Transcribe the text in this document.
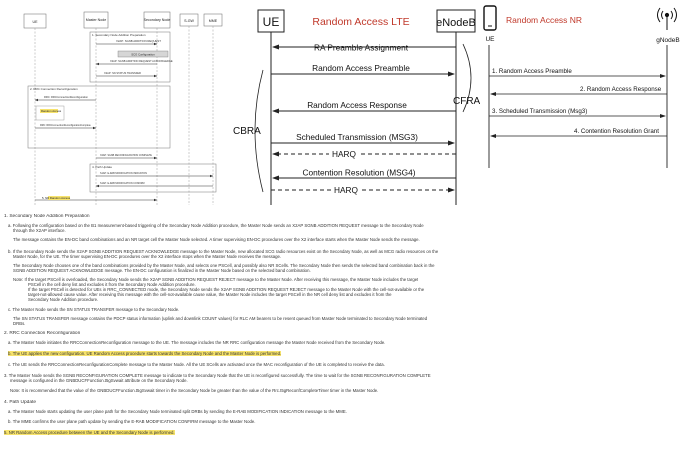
UE	Master Node	Secondary Node	S-GW	MME
1. Secondary Node Addition Preparation
X2AP: SGNB ADDITION REQUEST
SCG Configuration
X2AP: SGNB ADDITION REQUEST ACKNOWLEDGE
X2AP: SN STATUS TRANSFER
2. RRC Connection Reconfiguration
RRC: RRCConnectionReconfiguration
Random Access
RRC: RRCConnectionReconfigurationComplete
X2AP: SGNB RECONFIGURATION COMPLETE
4. Path Update
S1AP: E-RAB MODIFICATION INDICATION
S1AP: E-RAB MODIFICATION CONFIRM
5. NR Random Access
UE	eNodeB
Random Access LTE
CBRA
RA Preamble Assignment
Random Access Preamble
Random Access Response
Scheduled Transmission (MSG3)
HARQ
Contention Resolution (MSG4)
HARQ
CFRA
UE	gNodeB
Random Access NR
1. Random Access Preamble
2. Random Access Response
3. Scheduled Transmission (Msg3)
4. Contention Resolution Grant
1. Secondary Node Addition Preparation
a. Following the configuration based on the B1 measurement-based triggering of the Secondary Node Addition procedure, the Master Node sends an X2AP SGNB ADDITION REQUEST message to the Secondary Node
through the X2AP interface.
The message contains the EN-DC band combinations and an NR target cell the Master Node selected. A timer supervising EN-DC procedures over the X2 interface starts when the Master Node sends the message.
b. If the Secondary Node sends the X2AP SGNB ADDITION REQUEST ACKNOWLEDGE message to the Master Node, new allocated SCG radio resources exist on the Secondary Node, as well as MCG radio resources on the
Master Node, for the UE. The timer supervising EN-DC procedures over the X2 interface stops when the Master Node receives the message.
The Secondary Node chooses one of the band combinations provided by the Master Node, and selects one PSCell, and possibly also NR SCells. The Secondary Node then sends the selected band combination back in the
SGNB ADDITION REQUEST ACKNOWLEDGE message. The EN-DC configuration is finalized in the Master Node based on the selected band combination.
Note: If the target PSCell is overloaded, the Secondary Node sends the X2AP SGNB ADDITION REQUEST REJECT message to the Master Node. After receiving this message, the Master Node includes the target
PSCell in the cell deny list and excludes it from the Secondary Node Addition procedure.
If the target PSCell is detected for UEs in RRC_CONNECTED mode, the Secondary Node sends the X2AP SGNB ADDITION REQUEST REJECT message to the Master Node with the cell-not-available or the
target-not-allowed cause value. After receiving this message with the cell-not-available cause value, the Master Node includes the target PSCell in the NR cell deny list and excludes it from the
Secondary Node Addition procedure.
c. The Master Node sends the SN STATUS TRANSFER message to the Secondary Node.
The SN STATUS TRANSFER message contains the PDCP status information (uplink and downlink COUNT values) for RLC AM bearers to be resent queued from Master Node terminated to Secondary Node terminated
DRBs.
2. RRC Connection Reconfiguration
a. The Master Node initiates the RRCConnectionReconfiguration message to the UE. The message includes the NR RRC configuration message the Master Node received from the Secondary Node.
b. The UE applies the new configuration. UE Random Access procedure starts towards the Secondary Node and the Master Node is performed.
c. The UE sends the RRCConnectionReconfigurationComplete message to the Master Node. All the UE SCells are activated once the MAC reconfiguration of the UE is completed to receive the data.
3. The Master Node sends the SGNB RECONFIGURATION COMPLETE message to indicate to the Secondary Node that the UE is reconfigured successfully. The time to wait for the SGNB RECONFIGURATION COMPLETE
message is configured in the GNBDUCFFunction.t5gSvwait attribute on the Secondary Node.
Note: It is recommended that the value of the GNBDUCFFunction.t5gSvwait timer in the Secondary Node be greater than the value of the Rrc.t5gReconfCompleteTimer timer in the Master Node.
4. Path Update
a. The Master Node starts updating the user plane path for the Secondary Node terminated split DRBs by sending the E-RAB MODIFICATION INDICATION message to the MME.
b. The MME confirms the user plane path update by sending the E-RAB MODIFICATION CONFIRM message to the Master Node.
5. NR Random Access procedure between the UE and the Secondary Node is performed.
